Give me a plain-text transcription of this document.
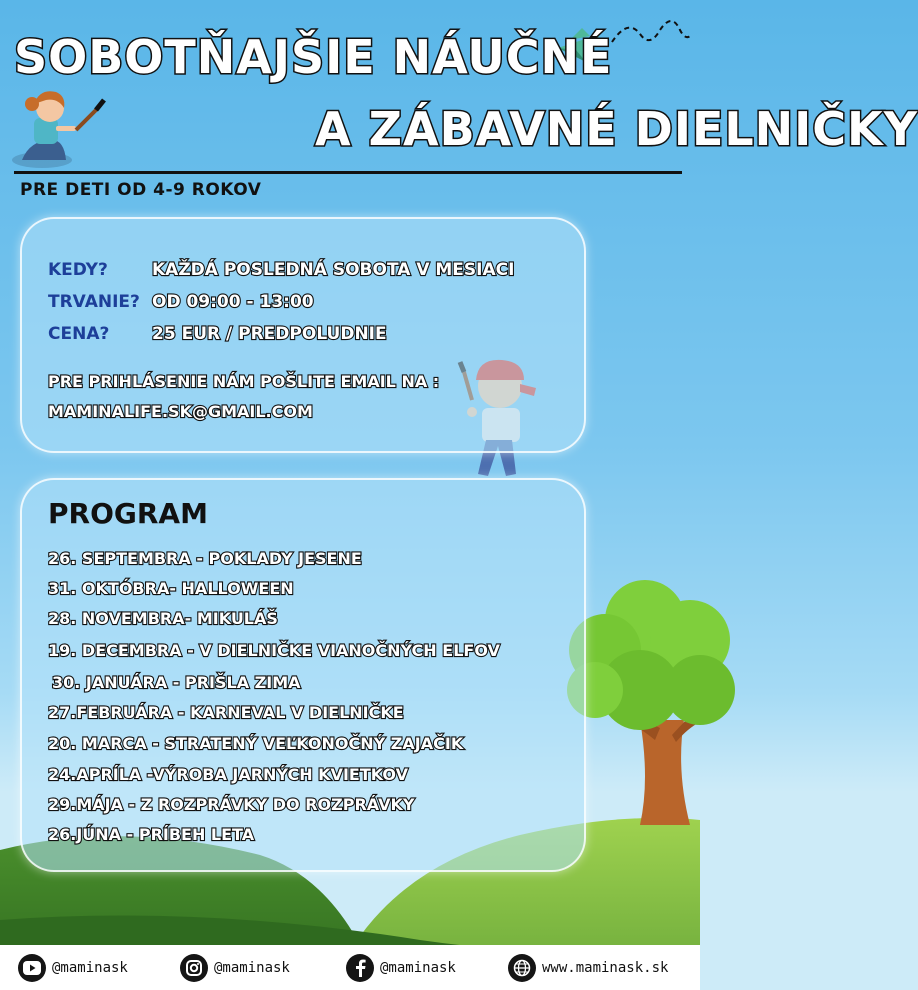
SOBOTŇAJŠIE NÁUČNÉ
A ZÁBAVNÉ DIELNIČKY
PRE DETI OD 4-9 ROKOV
KEDY?	KAŽDÁ POSLEDNÁ SOBOTA V MESIACI
TRVANIE? OD 09:00 - 13:00
CENA?	25 EUR / PREDPOLUDNIE
PRE PRIHLÁSENIE NÁM POŠLITE EMAIL NA :
MAMINALIFE.SK@GMAIL.COM
PROGRAM
26. SEPTEMBRA - POKLADY JESENE
31. OKTÓBRA- HALLOWEEN
28. NOVEMBRA- MIKULÁŠ
19. DECEMBRA - V DIELNIČKE VIANOČNÝCH ELFOV
30. JANUÁRA - PRIŠLA ZIMA
27.FEBRUÁRA - KARNEVAL V DIELNIČKE
20. MARCA - STRATENÝ VEĽKONOČNÝ ZAJAČIK
24.APRÍLA -VÝROBA JARNÝCH KVIETKOV
29.MÁJA - Z ROZPRÁVKY DO ROZPRÁVKY
26.JÚNA - PRÍBEH LETA
@maminask	@maminask	@maminask	www.maminask.sk
